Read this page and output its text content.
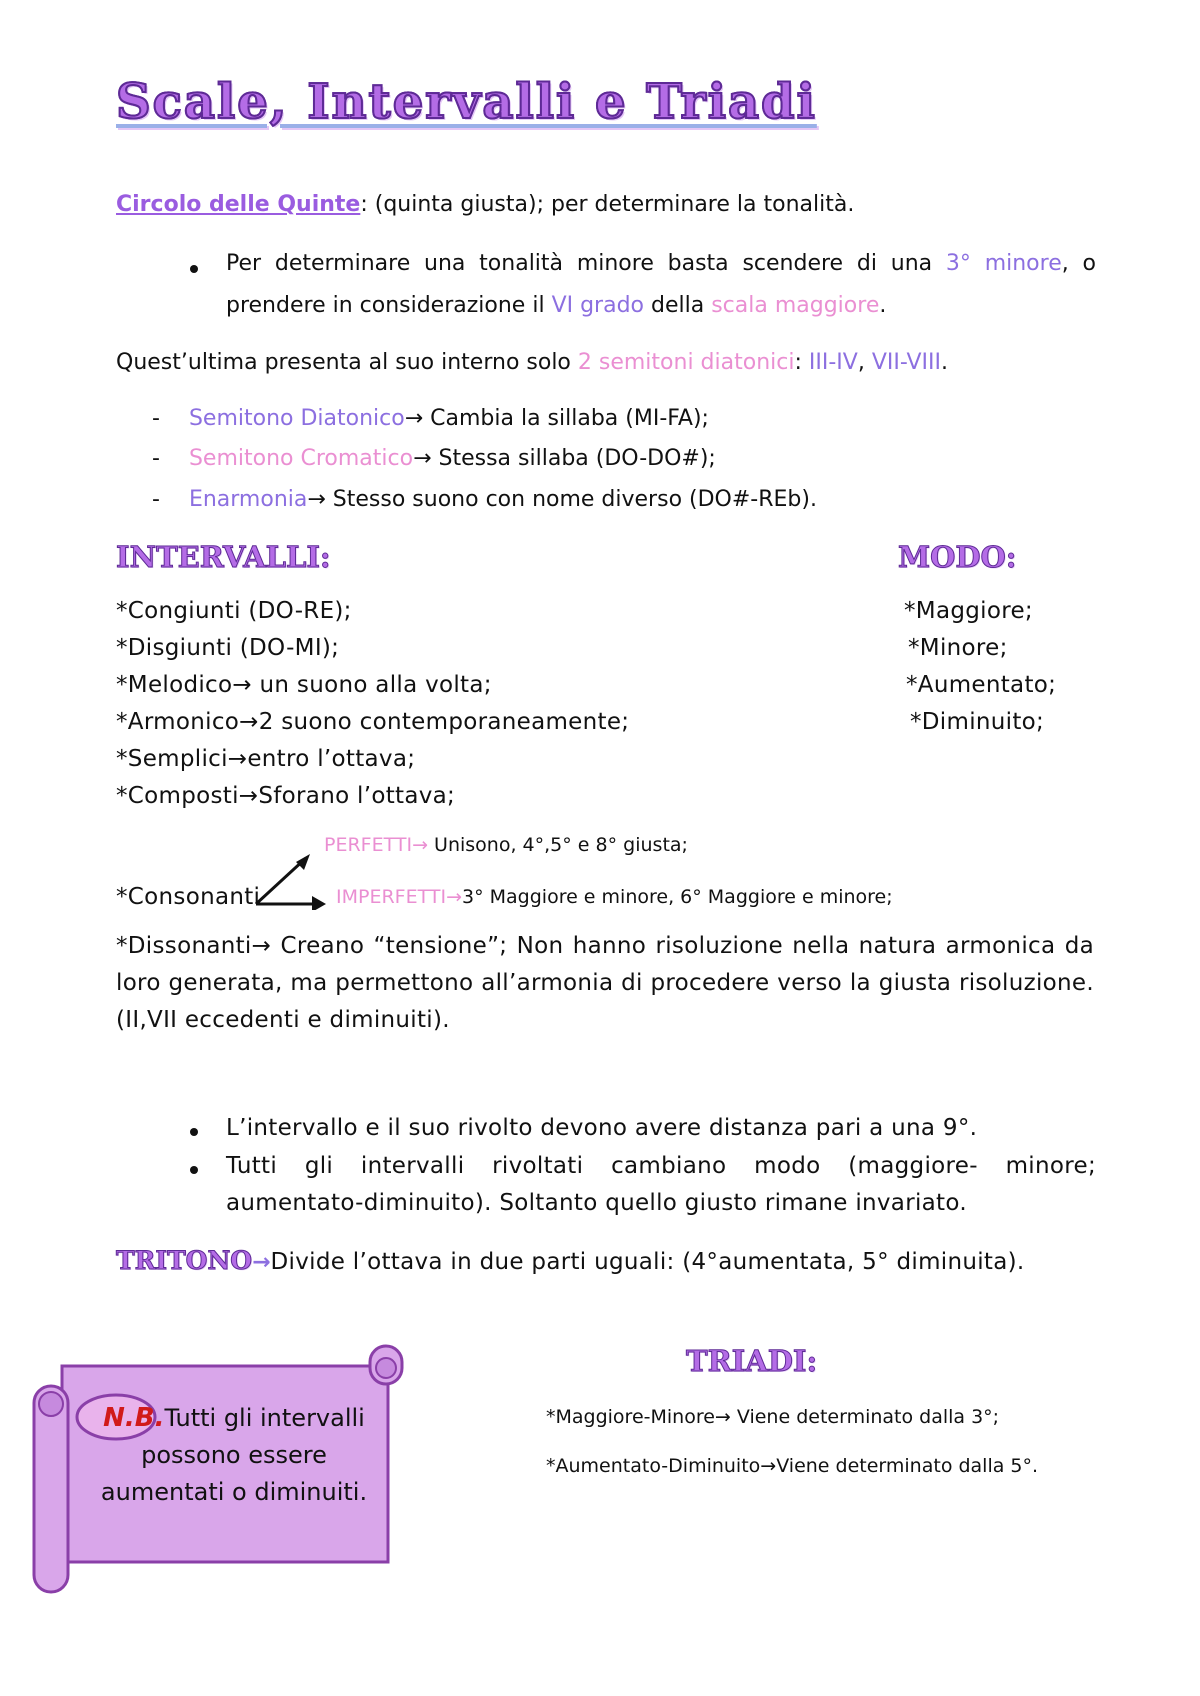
Scale, Intervalli e Triadi
Circolo delle Quinte: (quinta giusta); per determinare la tonalità.
Per determinare una tonalità minore basta scendere di una 3° minore, o prendere in considerazione il VI grado della scala maggiore.
Quest’ultima presenta al suo interno solo 2 semitoni diatonici: III-IV, VII-VIII.
- Semitono Diatonico→ Cambia la sillaba (MI-FA);
- Semitono Cromatico→ Stessa sillaba (DO-DO#);
- Enarmonia→ Stesso suono con nome diverso (DO#-REb).
INTERVALLI:	MODO:
*Congiunti (DO-RE);
*Disgiunti (DO-MI);
*Melodico→ un suono alla volta;
*Armonico→2 suono contemporaneamente;
*Semplici→entro l’ottava;
*Composti→Sforano l’ottava;
*Maggiore;
*Minore;
*Aumentato;
*Diminuito;
PERFETTI→ Unisono, 4°,5° e 8° giusta;
*Consonanti	IMPERFETTI→3° Maggiore e minore, 6° Maggiore e minore;
*Dissonanti→ Creano “tensione”; Non hanno risoluzione nella natura armonica da loro generata, ma permettono all’armonia di procedere verso la giusta risoluzione. (II,VII eccedenti e diminuiti).
L’intervallo e il suo rivolto devono avere distanza pari a una 9°.
Tutti gli intervalli rivoltati cambiano modo (maggiore- minore; aumentato-diminuito). Soltanto quello giusto rimane invariato.
TRITONO→Divide l’ottava in due parti uguali: (4°aumentata, 5° diminuita).
N.B.Tutti gli intervalli possono essere aumentati o diminuiti.
TRIADI:
*Maggiore-Minore→ Viene determinato dalla 3°;
*Aumentato-Diminuito→Viene determinato dalla 5°.
